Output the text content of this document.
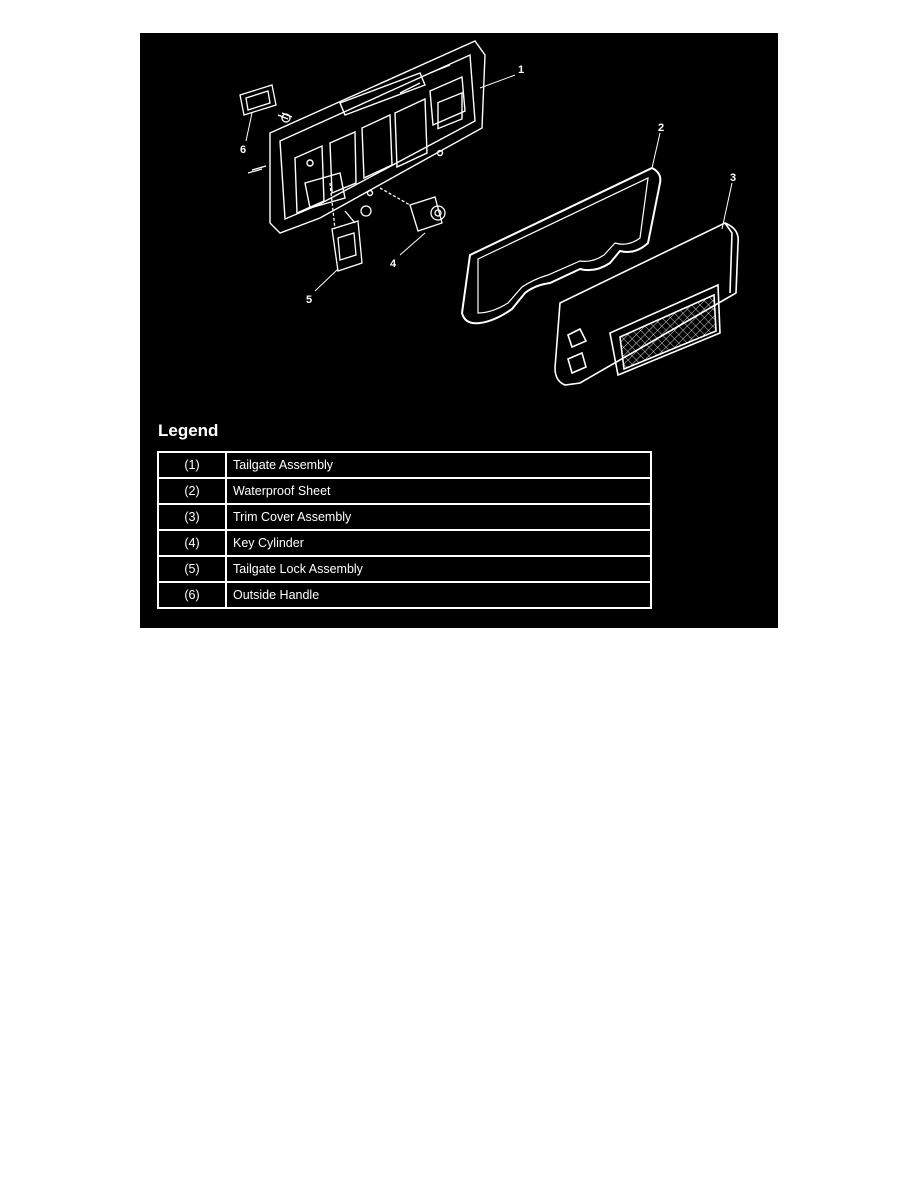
1
2
3
4
5
6
Legend
(1)	Tailgate Assembly
(2)	Waterproof Sheet
(3)	Trim Cover Assembly
(4)	Key Cylinder
(5)	Tailgate Lock Assembly
(6)	Outside Handle
